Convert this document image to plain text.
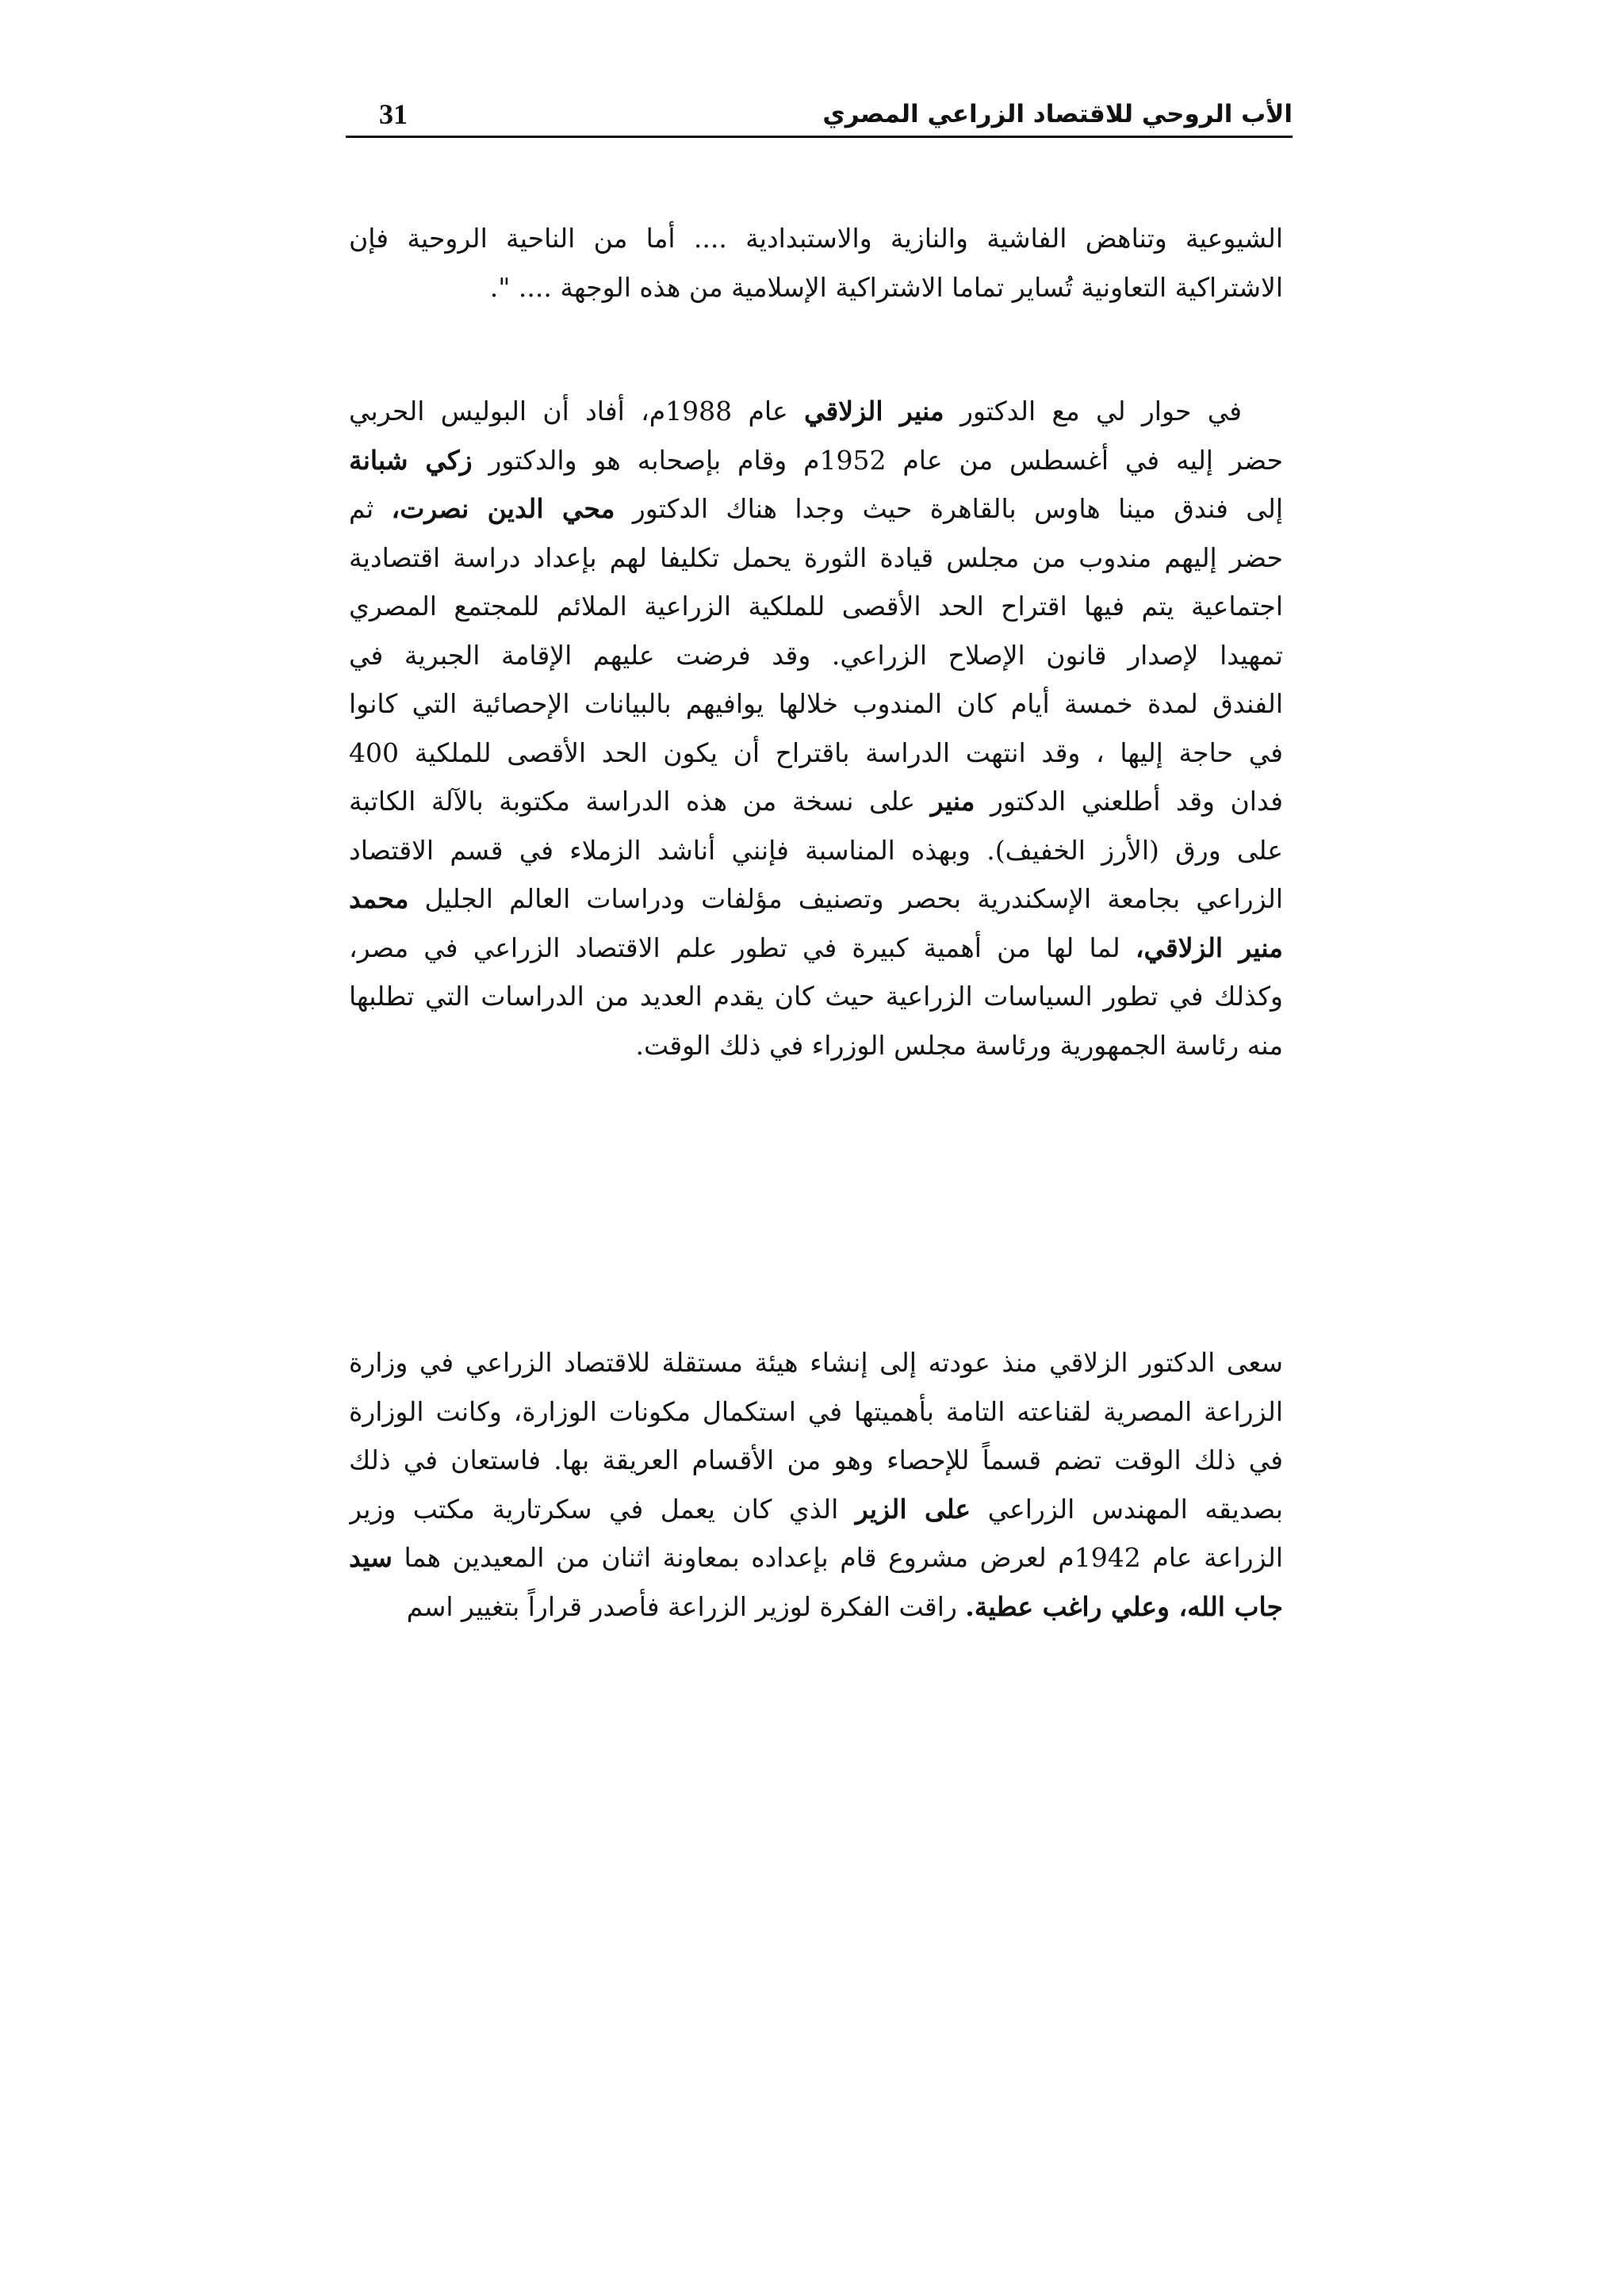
الأب الروحي للاقتصاد الزراعي المصري
31

الشيوعية وتناهض الفاشية والنازية والاستبدادية .... أما من الناحية الروحية فإن
الاشتراكية التعاونية تُساير تماما الاشتراكية الإسلامية من هذه الوجهة .... ".

في حوار لي مع الدكتور منير الزلاقي عام 1988م، أفاد أن البوليس الحربي
حضر إليه في أغسطس من عام 1952م وقام بإصحابه هو والدكتور زكي شبانة
إلى فندق مينا هاوس بالقاهرة حيث وجدا هناك الدكتور محي الدين نصرت، ثم
حضر إليهم مندوب من مجلس قيادة الثورة يحمل تكليفا لهم بإعداد دراسة اقتصادية
اجتماعية يتم فيها اقتراح الحد الأقصى للملكية الزراعية الملائم للمجتمع المصري
تمهيدا لإصدار قانون الإصلاح الزراعي. وقد فرضت عليهم الإقامة الجبرية في
الفندق لمدة خمسة أيام كان المندوب خلالها يوافيهم بالبيانات الإحصائية التي كانوا
في حاجة إليها ، وقد انتهت الدراسة باقتراح أن يكون الحد الأقصى للملكية 400
فدان وقد أطلعني الدكتور منير على نسخة من هذه الدراسة مكتوبة بالآلة الكاتبة
على ورق (الأرز الخفيف). وبهذه المناسبة فإنني أناشد الزملاء في قسم الاقتصاد
الزراعي بجامعة الإسكندرية بحصر وتصنيف مؤلفات ودراسات العالم الجليل محمد
منير الزلاقي، لما لها من أهمية كبيرة في تطور علم الاقتصاد الزراعي في مصر،
وكذلك في تطور السياسات الزراعية حيث كان يقدم العديد من الدراسات التي تطلبها
منه رئاسة الجمهورية ورئاسة مجلس الوزراء في ذلك الوقت.

سعى الدكتور الزلاقي منذ عودته إلى إنشاء هيئة مستقلة للاقتصاد الزراعي في وزارة
الزراعة المصرية لقناعته التامة بأهميتها في استكمال مكونات الوزارة، وكانت الوزارة
في ذلك الوقت تضم قسماً للإحصاء وهو من الأقسام العريقة بها. فاستعان في ذلك
بصديقه المهندس الزراعي على الزير الذي كان يعمل في سكرتارية مكتب وزير
الزراعة عام 1942م لعرض مشروع قام بإعداده بمعاونة اثنان من المعيدين هما سيد
جاب الله، وعلي راغب عطية. راقت الفكرة لوزير الزراعة فأصدر قراراً بتغيير اسم
